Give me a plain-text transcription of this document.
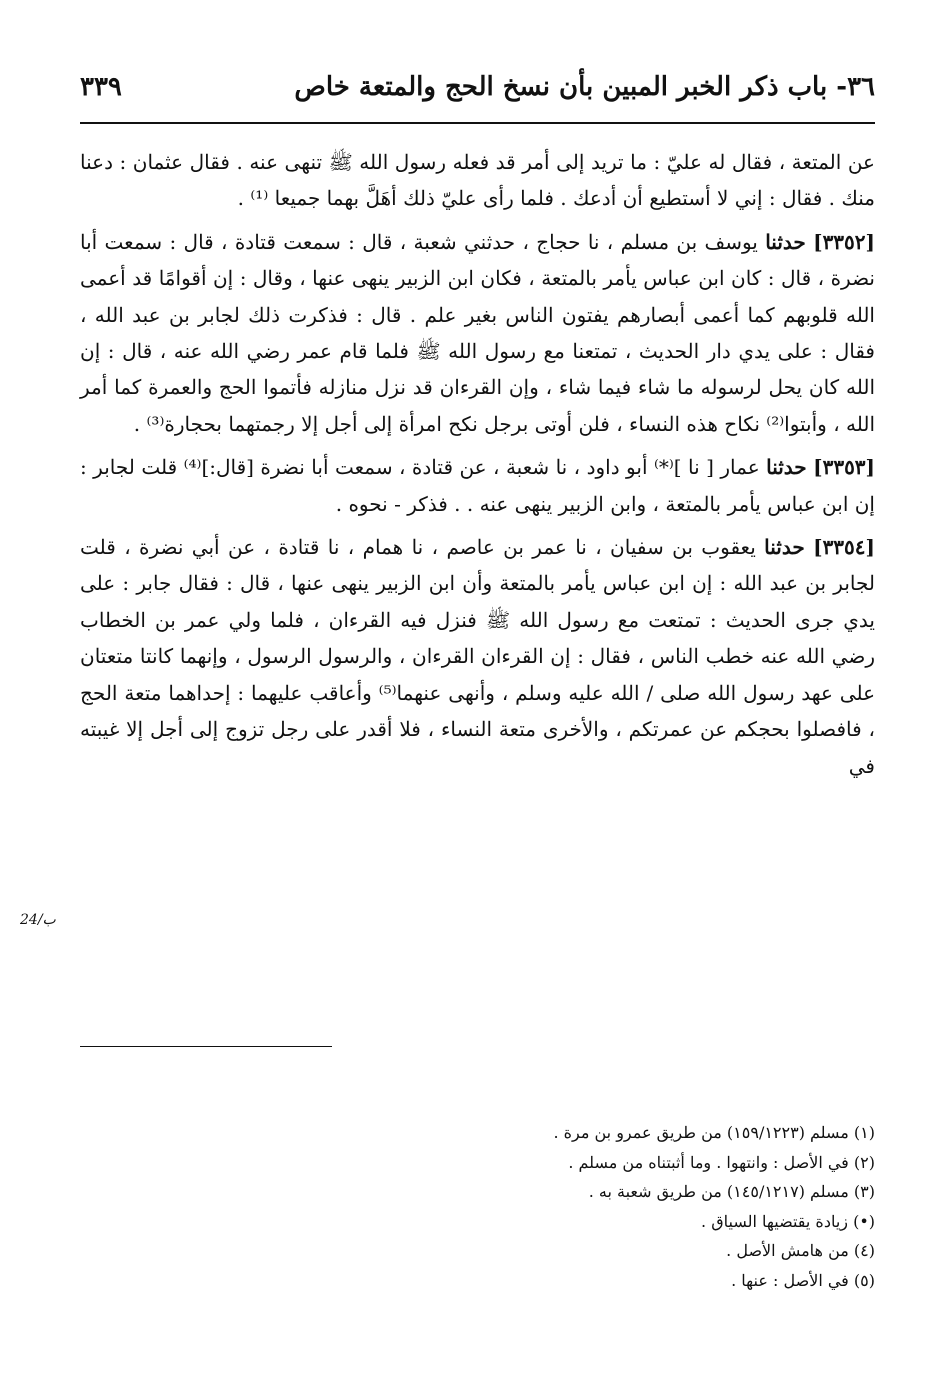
٣٦- باب ذكر الخبر المبين بأن نسخ الحج والمتعة خاص
٣٣٩

عن المتعة ، فقال له عليّ : ما تريد إلى أمر قد فعله رسول الله ﷺ تنهى عنه . فقال عثمان : دعنا منك . فقال : إني لا أستطيع أن أدعك . فلما رأى عليّ ذلك أهَلَّ بهما جميعا ⁽¹⁾ .

[٣٣٥٢] حدثنا يوسف بن مسلم ، نا حجاج ، حدثني شعبة ، قال : سمعت قتادة ، قال : سمعت أبا نضرة ، قال : كان ابن عباس يأمر بالمتعة ، فكان ابن الزبير ينهى عنها ، وقال : إن أقوامًا قد أعمى الله قلوبهم كما أعمى أبصارهم يفتون الناس بغير علم . قال : فذكرت ذلك لجابر بن عبد الله ، فقال : على يدي دار الحديث ، تمتعنا مع رسول الله ﷺ فلما قام عمر رضي الله عنه ، قال : إن الله كان يحل لرسوله ما شاء فيما شاء ، وإن القرءان قد نزل منازله فأتموا الحج والعمرة كما أمر الله ، وأبتوا⁽²⁾ نكاح هذه النساء ، فلن أوتى برجل نكح امرأة إلى أجل إلا رجمتهما بحجارة⁽³⁾ .

[٣٣٥٣] حدثنا عمار [ نا ]⁽*⁾ أبو داود ، نا شعبة ، عن قتادة ، سمعت أبا نضرة [قال:]⁽⁴⁾ قلت لجابر : إن ابن عباس يأمر بالمتعة ، وابن الزبير ينهى عنه . . فذكر - نحوه .

[٣٣٥٤] حدثنا يعقوب بن سفيان ، نا عمر بن عاصم ، نا همام ، نا قتادة ، عن أبي نضرة ، قلت لجابر بن عبد الله : إن ابن عباس يأمر بالمتعة وأن ابن الزبير ينهى عنها ، قال : فقال جابر : على يدي جرى الحديث : تمتعت مع رسول الله ﷺ فنزل فيه القرءان ، فلما ولي عمر بن الخطاب رضي الله عنه خطب الناس ، فقال : إن القرءان القرءان ، والرسول الرسول ، وإنهما كانتا متعتان على عهد رسول الله صلى / الله عليه وسلم ، وأنهى عنهما⁽⁵⁾ وأعاقب عليهما : إحداهما متعة الحج ، فافصلوا بحجكم عن عمرتكم ، والأخرى متعة النساء ، فلا أقدر على رجل تزوج إلى أجل إلا غيبته في

(١) مسلم (١٥٩/١٢٢٣) من طريق عمرو بن مرة .
(٢) في الأصل : وانتهوا . وما أثبتناه من مسلم .
(٣) مسلم (١٤٥/١٢١٧) من طريق شعبة به .
(•) زيادة يقتضيها السياق .
(٤) من هامش الأصل .
(٥) في الأصل : عنها .
24/ب
